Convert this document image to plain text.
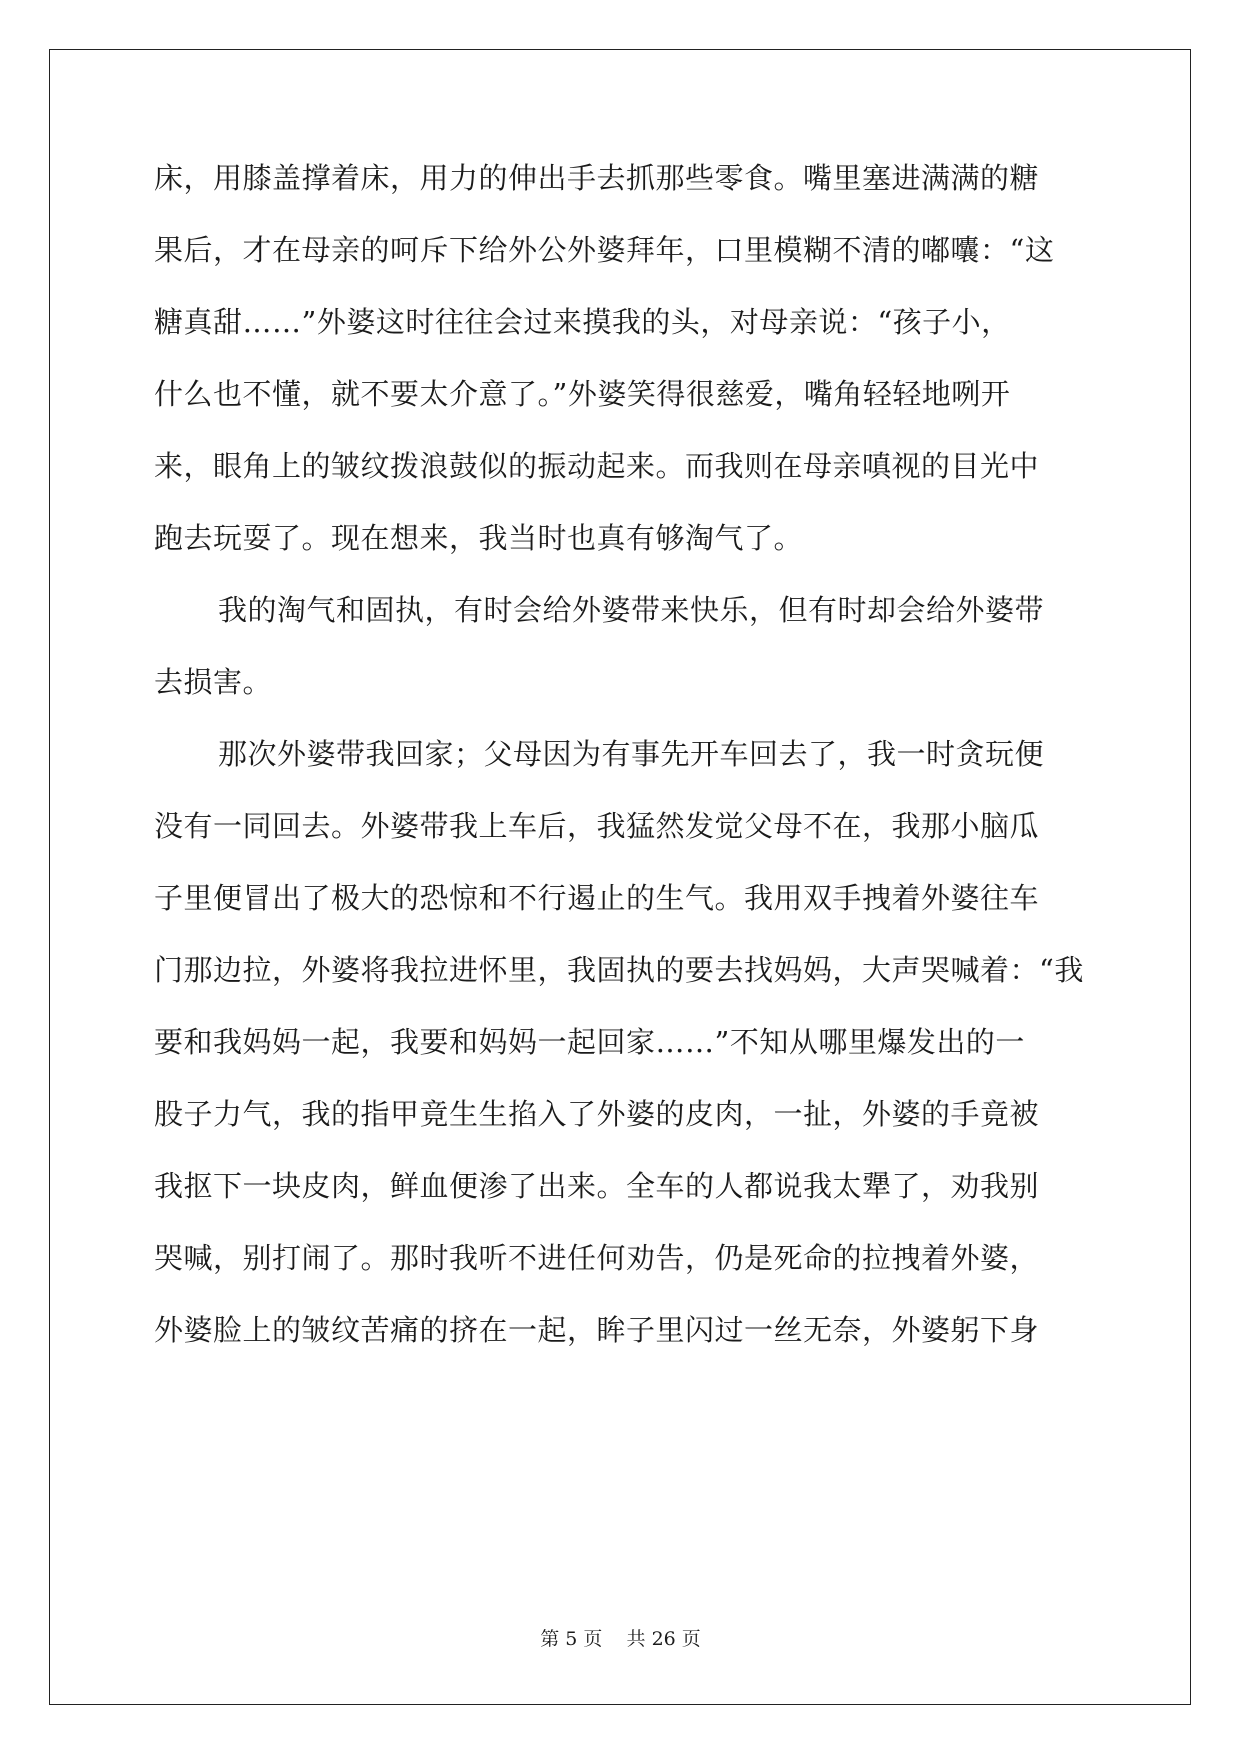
床，用膝盖撑着床，用力的伸出手去抓那些零食。嘴里塞进满满的糖
果后，才在母亲的呵斥下给外公外婆拜年，口里模糊不清的嘟囔：“这
糖真甜……”外婆这时往往会过来摸我的头，对母亲说：“孩子小，
什么也不懂，就不要太介意了。”外婆笑得很慈爱，嘴角轻轻地咧开
来，眼角上的皱纹拨浪鼓似的振动起来。而我则在母亲嗔视的目光中
跑去玩耍了。现在想来，我当时也真有够淘气了。
我的淘气和固执，有时会给外婆带来快乐，但有时却会给外婆带
去损害。
那次外婆带我回家；父母因为有事先开车回去了，我一时贪玩便
没有一同回去。外婆带我上车后，我猛然发觉父母不在，我那小脑瓜
子里便冒出了极大的恐惊和不行遏止的生气。我用双手拽着外婆往车
门那边拉，外婆将我拉进怀里，我固执的要去找妈妈，大声哭喊着：“我
要和我妈妈一起，我要和妈妈一起回家……”不知从哪里爆发出的一
股子力气，我的指甲竟生生掐入了外婆的皮肉，一扯，外婆的手竟被
我抠下一块皮肉，鲜血便渗了出来。全车的人都说我太犟了，劝我别
哭喊，别打闹了。那时我听不进任何劝告，仍是死命的拉拽着外婆，
外婆脸上的皱纹苦痛的挤在一起，眸子里闪过一丝无奈，外婆躬下身
第 5 页    共 26 页
